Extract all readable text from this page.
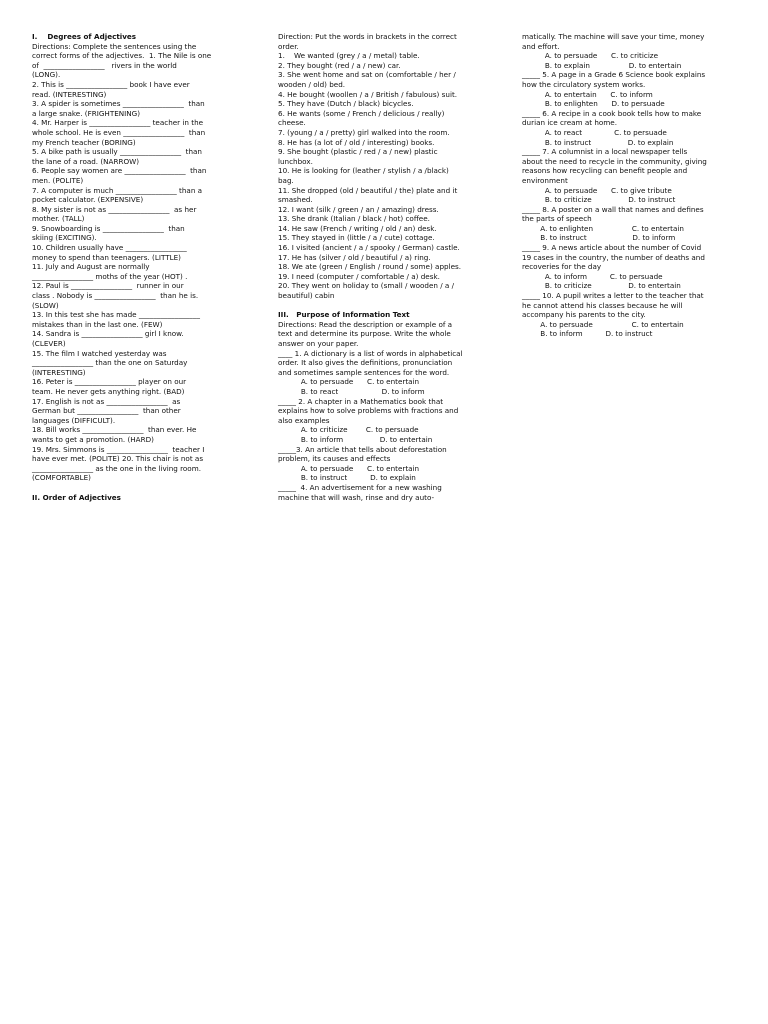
I.    Degrees of Adjectives

Directions: Complete the sentences using the

correct forms of the adjectives.  1. The Nile is one

of  _________________   rivers in the world

(LONG).

2. This is _________________ book I have ever

read. (INTERESTING)

3. A spider is sometimes _________________  than

a large snake. (FRIGHTENING)

4. Mr. Harper is _________________ teacher in the

whole school. He is even _________________  than

my French teacher (BORING)

5. A bike path is usually _________________  than

the lane of a road. (NARROW)

6. People say women are _________________  than

men. (POLITE)

7. A computer is much _________________ than a

pocket calculator. (EXPENSIVE)

8. My sister is not as _________________  as her

mother. (TALL)

9. Snowboarding is _________________  than

skiing (EXCITING).

10. Children usually have _________________

money to spend than teenagers. (LITTLE)

11. July and August are normally

_________________ moths of the year (HOT) .

12. Paul is _________________  runner in our

class . Nobody is _________________  than he is.

(SLOW)

13. In this test she has made _________________

mistakes than in the last one. (FEW)

14. Sandra is _________________ girl I know.

(CLEVER)

15. The film I watched yesterday was

_________________ than the one on Saturday

(INTERESTING)

16. Peter is _________________ player on our

team. He never gets anything right. (BAD)

17. English is not as _________________  as

German but _________________  than other

languages (DIFFICULT).

18. Bill works _________________  than ever. He

wants to get a promotion. (HARD)

19. Mrs. Simmons is _________________  teacher I

have ever met. (POLITE) 20. This chair is not as

_________________ as the one in the living room.

(COMFORTABLE)

II. Order of Adjectives

Direction: Put the words in brackets in the correct

order.

1.    We wanted (grey / a / metal) table.

2. They bought (red / a / new) car.

3. She went home and sat on (comfortable / her /

wooden / old) bed.

4. He bought (woollen / a / British / fabulous) suit.

5. They have (Dutch / black) bicycles.

6. He wants (some / French / delicious / really)

cheese.

7. (young / a / pretty) girl walked into the room.

8. He has (a lot of / old / interesting) books.

9. She bought (plastic / red / a / new) plastic

lunchbox.

10. He is looking for (leather / stylish / a /black)

bag.

11. She dropped (old / beautiful / the) plate and it

smashed.

12. I want (silk / green / an / amazing) dress.

13. She drank (Italian / black / hot) coffee.

14. He saw (French / writing / old / an) desk.

15. They stayed in (little / a / cute) cottage.

16. I visited (ancient / a / spooky / German) castle.

17. He has (silver / old / beautiful / a) ring.

18. We ate (green / English / round / some) apples.

19. I need (computer / comfortable / a) desk.

20. They went on holiday to (small / wooden / a /

beautiful) cabin

III.   Purpose of Information Text

Directions: Read the description or example of a

text and determine its purpose. Write the whole

answer on your paper.

____ 1. A dictionary is a list of words in alphabetical

order. It also gives the definitions, pronunciation

and sometimes sample sentences for the word.

A. to persuade      C. to entertain

B. to react                   D. to inform

_____ 2. A chapter in a Mathematics book that

explains how to solve problems with fractions and

also examples

A. to criticize        C. to persuade

B. to inform                D. to entertain

_____3. An article that tells about deforestation

problem, its causes and effects

A. to persuade      C. to entertain

B. to instruct          D. to explain

_____  4. An advertisement for a new washing

machine that will wash, rinse and dry auto-

matically. The machine will save your time, money

and effort.

A. to persuade      C. to criticize

B. to explain                 D. to entertain

_____ 5. A page in a Grade 6 Science book explains

how the circulatory system works.

A. to entertain      C. to inform

B. to enlighten      D. to persuade

_____ 6. A recipe in a cook book tells how to make

durian ice cream at home.

A. to react              C. to persuade

B. to instruct                D. to explain

_____ 7. A columnist in a local newspaper tells

about the need to recycle in the community, giving

reasons how recycling can benefit people and

environment

A. to persuade      C. to give tribute

B. to criticize                D. to instruct

_____ 8. A poster on a wall that names and defines

the parts of speech

A. to enlighten                 C. to entertain

B. to instruct                    D. to inform

_____ 9. A news article about the number of Covid

19 cases in the country, the number of deaths and

recoveries for the day

A. to inform          C. to persuade

B. to criticize                D. to entertain

_____ 10. A pupil writes a letter to the teacher that

he cannot attend his classes because he will

accompany his parents to the city.

A. to persuade                 C. to entertain

B. to inform          D. to instruct
